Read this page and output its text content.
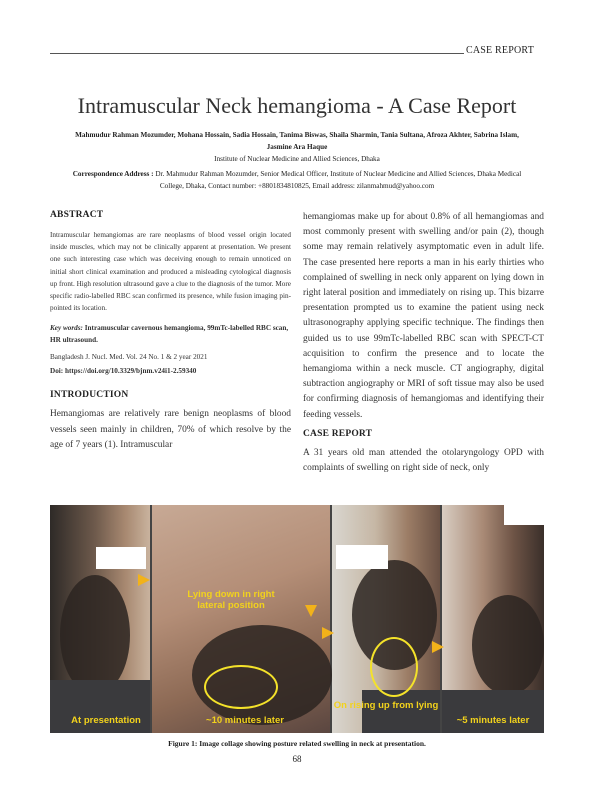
CASE REPORT
Intramuscular Neck hemangioma - A Case Report
Mahmudur Rahman Mozumder, Mohana Hossain, Sadia Hossain, Tanima Biswas, Shaila Sharmin, Tania Sultana, Afroza Akhter, Sabrina Islam, Jasmine Ara Haque
Institute of Nuclear Medicine and Allied Sciences, Dhaka
Correspondence Address : Dr. Mahmudur Rahman Mozumder, Senior Medical Officer, Institute of Nuclear Medicine and Allied Sciences, Dhaka Medical College, Dhaka, Contact number: +8801834810825, Email address: zilanmahmud@yahoo.com
ABSTRACT
Intramuscular hemangiomas are rare neoplasms of blood vessel origin located inside muscles, which may not be clinically apparent at presentation. We present one such interesting case which was deceiving enough to remain unnoticed on initial short clinical examination and produced a misleading cytological diagnosis up front. High resolution ultrasound gave a clue to the diagnosis of the tumor. More specific radio-labelled RBC scan confirmed its presence, while fusion imaging pin-pointed its location.
Key words: Intramuscular cavernous hemangioma, 99mTc-labelled RBC scan, HR ultrasound.
Bangladesh J. Nucl. Med. Vol. 24 No. 1 & 2 year 2021
Doi: https://doi.org/10.3329/bjnm.v24i1-2.59340
INTRODUCTION
Hemangiomas are relatively rare benign neoplasms of blood vessels seen mainly in children, 70% of which resolve by the age of 7 years (1). Intramuscular
hemangiomas make up for about 0.8% of all hemangiomas and most commonly present with swelling and/or pain (2), though some may remain relatively asymptomatic even in adult life. The case presented here reports a man in his early thirties who complained of swelling in neck only apparent on lying down in right lateral position and immediately on rising up. This bizarre presentation prompted us to examine the patient using neck ultrasonography applying specific technique. The findings then guided us to use 99mTc-labelled RBC scan with SPECT-CT acquisition to confirm the presence and to locate the hemangioma within a neck muscle. CT angiography, digital subtraction angiography or MRI of soft tissue may also be used for confirming diagnosis of hemangiomas and identifying their feeding vessels.
CASE REPORT
A 31 years old man attended the otolaryngology OPD with complaints of swelling on right side of neck, only
At presentation
Lying down in right lateral position
~10 minutes later
On rising up from lying
~5 minutes later
Figure 1: Image collage showing posture related swelling in neck at presentation.
68
